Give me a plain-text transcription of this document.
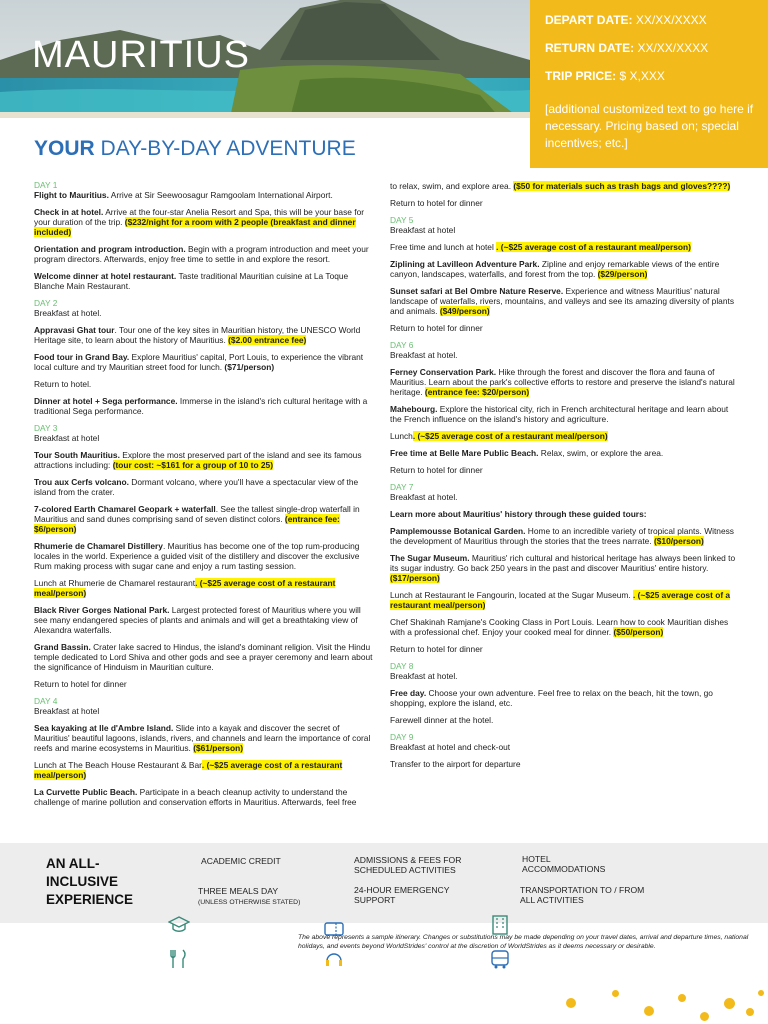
MAURITIUS
DEPART DATE: XX/XX/XXXX
RETURN DATE: XX/XX/XXXX
TRIP PRICE: $ X,XXX
[additional customized text to go here if necessary. Pricing based on; special incentives; etc.]
YOUR DAY-BY-DAY ADVENTURE
DAY 1
Flight to Mauritius. Arrive at Sir Seewoosagur Ramgoolam International Airport.
Check in at hotel. Arrive at the four-star Anelia Resort and Spa, this will be your base for your duration of the trip. ($232/night for a room with 2 people (breakfast and dinner included)
Orientation and program introduction. Begin with a program introduction and meet your program directors. Afterwards, enjoy free time to settle in and explore the resort.
Welcome dinner at hotel restaurant. Taste traditional Mauritian cuisine at La Toque Blanche Main Restaurant.
DAY 2
Breakfast at hotel.
Appravasi Ghat tour. Tour one of the key sites in Mauritian history, the UNESCO World Heritage site, to learn about the history of Mauritius. ($2.00 entrance fee)
Food tour in Grand Bay. Explore Mauritius' capital, Port Louis, to experience the vibrant local culture and try Mauritian street food for lunch. ($71/person)
Return to hotel.
Dinner at hotel + Sega performance. Immerse in the island's rich cultural heritage with a traditional Sega performance.
DAY 3
Breakfast at hotel
Tour South Mauritius. Explore the most preserved part of the island and see its famous attractions including: (tour cost: ~$161 for a group of 10 to 25)
Trou aux Cerfs volcano. Dormant volcano, where you'll have a spectacular view of the island from the crater.
7-colored Earth Chamarel Geopark + waterfall. See the tallest single-drop waterfall in Mauritius and sand dunes comprising sand of seven distinct colors. (entrance fee: $6/person)
Rhumerie de Chamarel Distillery. Mauritius has become one of the top rum-producing locales in the world. Experience a guided visit of the distillery and discover the exclusive Rum making process with sugar cane and enjoy a rum tasting session.
Lunch at Rhumerie de Chamarel restaurant. (~$25 average cost of a restaurant meal/person)
Black River Gorges National Park. Largest protected forest of Mauritius where you will see many endangered species of plants and animals and will get a breathtaking view of Alexandra waterfalls.
Grand Bassin. Crater lake sacred to Hindus, the island's dominant religion. Visit the Hindu temple dedicated to Lord Shiva and other gods and see a prayer ceremony and learn about the significance of Hinduism in Mauritian culture.
Return to hotel for dinner
DAY 4
Breakfast at hotel
Sea kayaking at Ile d'Ambre Island. Slide into a kayak and discover the secret of Mauritius' beautiful lagoons, islands, rivers, and channels and learn the importance of coral reefs and marine ecosystems in Mauritius. ($61/person)
Lunch at The Beach House Restaurant & Bar. (~$25 average cost of a restaurant meal/person)
La Curvette Public Beach. Participate in a beach cleanup activity to understand the challenge of marine pollution and conservation efforts in Mauritius. Afterwards, feel free
to relax, swim, and explore area. ($50 for materials such as trash bags and gloves????)
Return to hotel for dinner
DAY 5
Breakfast at hotel
Free time and lunch at hotel . (~$25 average cost of a restaurant meal/person)
Ziplining at Lavilleon Adventure Park. Zipline and enjoy remarkable views of the entire canyon, landscapes, waterfalls, and forest from the top. ($29/person)
Sunset safari at Bel Ombre Nature Reserve. Experience and witness Mauritius' natural landscape of waterfalls, rivers, mountains, and valleys and see its amazing diversity of plants and animals. ($49/person)
Return to hotel for dinner
DAY 6
Breakfast at hotel.
Ferney Conservation Park. Hike through the forest and discover the flora and fauna of Mauritius. Learn about the park's collective efforts to restore and preserve the island's natural heritage. (entrance fee: $20/person)
Mahebourg. Explore the historical city, rich in French architectural heritage and learn about the French influence on the island's history and agriculture.
Lunch. (~$25 average cost of a restaurant meal/person)
Free time at Belle Mare Public Beach. Relax, swim, or explore the area.
Return to hotel for dinner
DAY 7
Breakfast at hotel.
Learn more about Mauritius' history through these guided tours:
Pamplemousse Botanical Garden. Home to an incredible variety of tropical plants. Witness the development of Mauritius through the stories that the trees narrate. ($10/person)
The Sugar Museum. Mauritius' rich cultural and historical heritage has always been linked to its sugar industry. Go back 250 years in the past and discover Mauritius' entire history. ($17/person)
Lunch at Restaurant le Fangourin, located at the Sugar Museum. . (~$25 average cost of a restaurant meal/person)
Chef Shakinah Ramjane's Cooking Class in Port Louis. Learn how to cook Mauritian dishes with a professional chef. Enjoy your cooked meal for dinner. ($50/person)
Return to hotel for dinner
DAY 8
Breakfast at hotel.
Free day. Choose your own adventure. Feel free to relax on the beach, hit the town, go shopping, explore the island, etc.
Farewell dinner at the hotel.
DAY 9
Breakfast at hotel and check-out
Transfer to the airport for departure
AN ALL-INCLUSIVE EXPERIENCE
ACADEMIC CREDIT	ADMISSIONS & FEES FOR SCHEDULED ACTIVITIES
HOTEL ACCOMMODATIONS
THREE MEALS DAY
(UNLESS OTHERWISE STATED)
24-HOUR EMERGENCY SUPPORT
TRANSPORTATION TO / FROM ALL ACTIVITIES
The above represents a sample itinerary. Changes or substitutions may be made depending on your travel dates, arrival and departure times, national holidays, and events beyond WorldStrides' control at the discretion of WorldStrides as it deems necessary or desirable.
